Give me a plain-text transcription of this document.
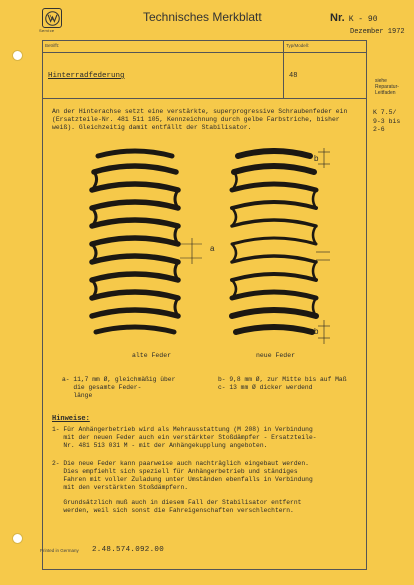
Service
Technisches Merkblatt	Nr. K - 90
Dezember 1972
Betrifft:	Typ/Modell:
Hinterradfederung	48
siehe Reparatur-Leitfaden
An der Hinterachse setzt eine verstärkte, superprogressive Schraubenfeder ein (Ersatzteile-Nr. 481 511 105, Kennzeichnung durch gelbe Farbstriche, bisher weiß). Gleichzeitig damit entfällt der Stabilisator.
K 7.5/
9-3 bis
2-6
a
b
b
alte Feder	neue Feder
a- 11,7 mm Ø, gleichmäßig über
die gesamte Feder-
länge
b- 9,8 mm Ø, zur Mitte bis auf Maß
c- 13 mm Ø dicker werdend
Hinweise:
1- Für Anhängerbetrieb wird als Mehrausstattung (M 208) in Verbindung
mit der neuen Feder auch ein verstärkter Stoßdämpfer - Ersatzteile-
Nr. 481 513 031 M - mit der Anhängekupplung angeboten.
2- Die neue Feder kann paarweise auch nachträglich eingebaut werden.
Dies empfiehlt sich speziell für Anhängerbetrieb und ständiges
Fahren mit voller Zuladung unter Umständen ebenfalls in Verbindung
mit den verstärkten Stoßdämpfern.
Grundsätzlich muß auch in diesem Fall der Stabilisator entfernt
werden, weil sich sonst die Fahreigenschaften verschlechtern.
Printed in Germany 2.48.574.092.00
